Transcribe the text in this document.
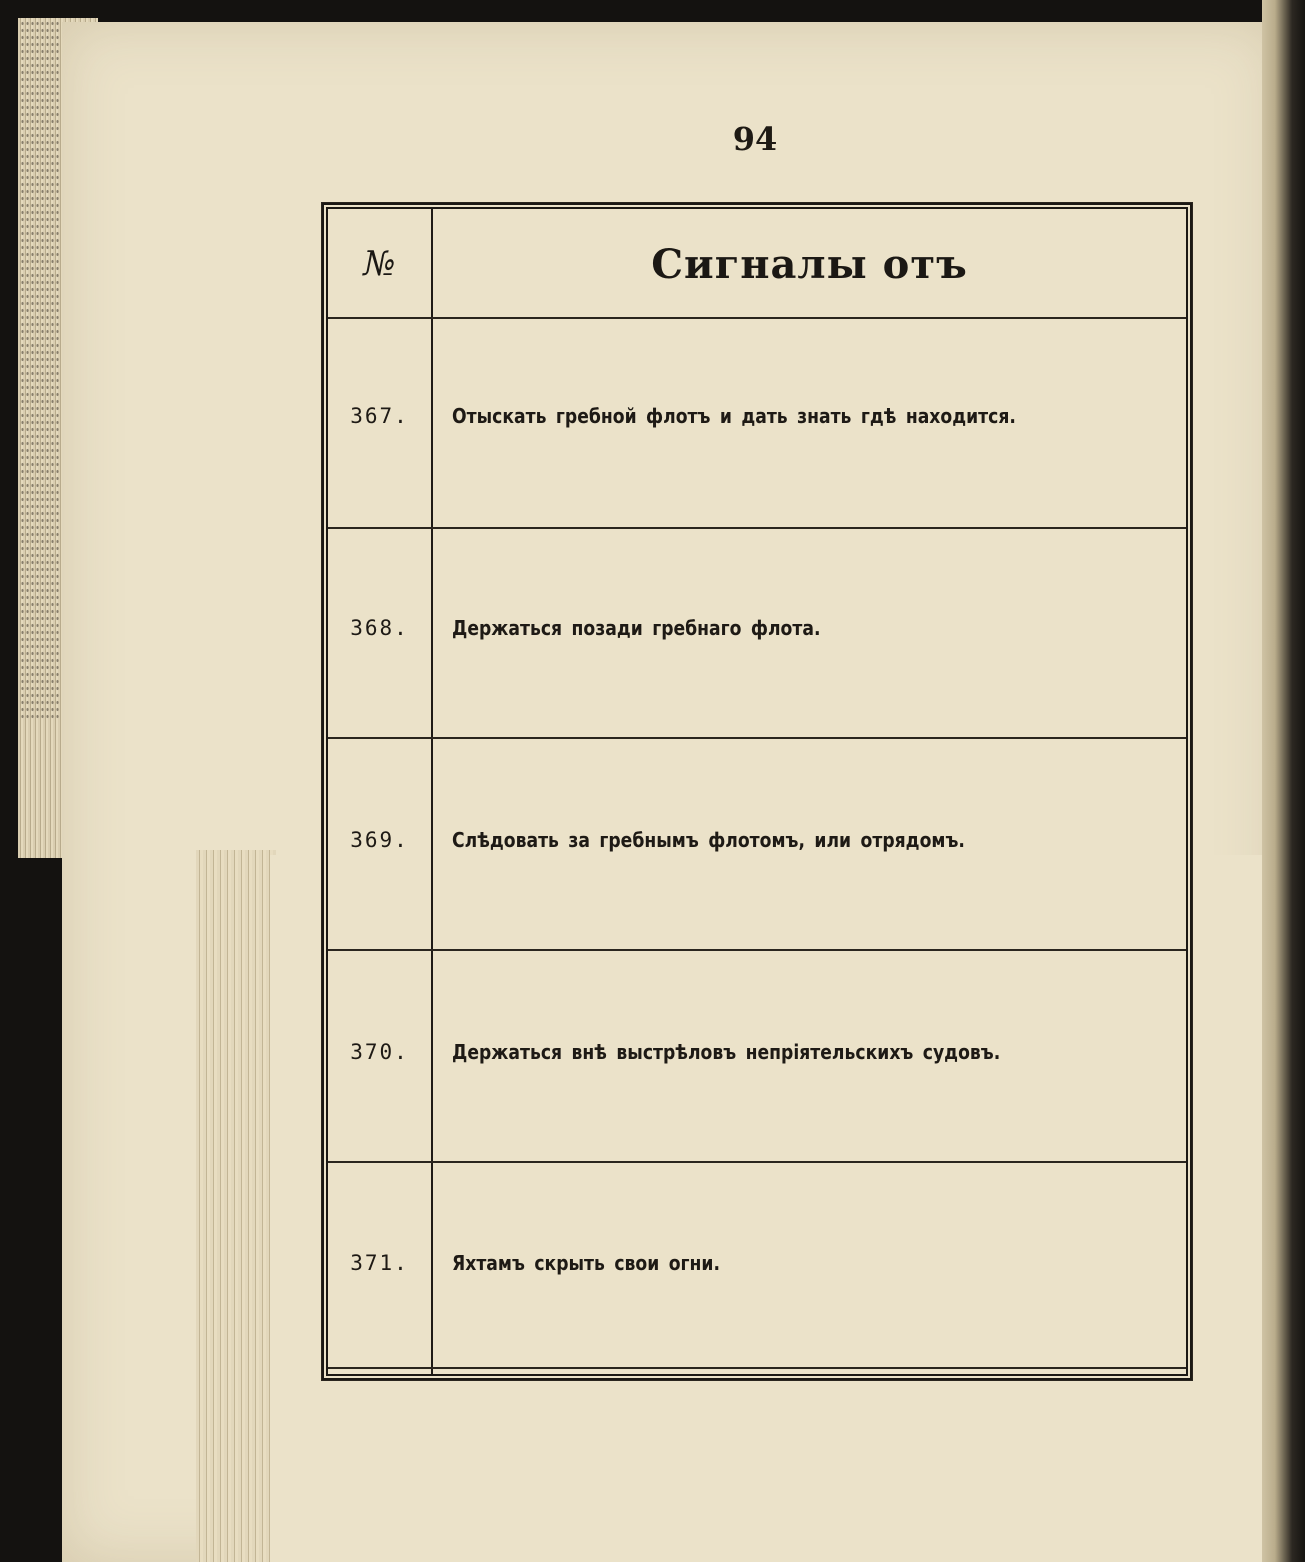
94
№	Сигналы отъ
367.	Отыскать гребной флотъ и дать знать гдѣ находится.
368.	Держаться позади гребнаго флота.
369.	Слѣдовать за гребнымъ флотомъ, или отрядомъ.
370.	Держаться внѣ выстрѣловъ непріятельскихъ судовъ.
371.	Яхтамъ скрыть свои огни.
